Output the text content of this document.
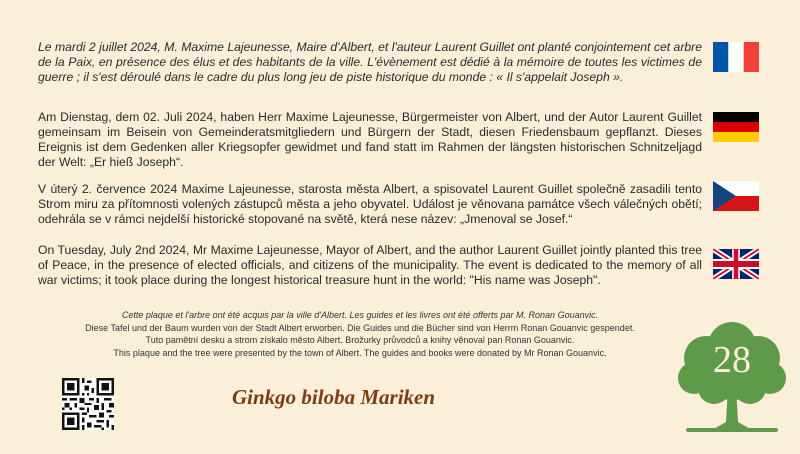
Le mardi 2 juillet 2024, M. Maxime Lajeunesse, Maire d'Albert, et l'auteur Laurent Guillet ont planté conjointement cet arbre de la Paix, en présence des élus et des habitants de la ville. L'évènement est dédié à la mémoire de toutes les victimes de guerre ; il s'est déroulé dans le cadre du plus long jeu de piste historique du monde : « Il s'appelait Joseph ».

Am Dienstag, dem 02. Juli 2024, haben Herr Maxime Lajeunesse, Bürgermeister von Albert, und der Autor Laurent Guillet gemeinsam im Beisein von Gemeinderatsmitgliedern und Bürgern der Stadt, diesen Friedensbaum gepflanzt. Dieses Ereignis ist dem Gedenken aller Kriegsopfer gewidmet und fand statt im Rahmen der längsten historischen Schnitzeljagd der Welt: „Er hieß Joseph“.

V úterý 2. července 2024 Maxime Lajeunesse, starosta města Albert, a spisovatel Laurent Guillet společně zasadili tento Strom miru za přítomnosti volených zástupců města a jeho obyvatel. Událost je věnovana památce všech válečných obětí; odehrála se v rámci nejdelší historické stopované na světě, která nese název: „Jmenoval se Josef.“

On Tuesday, July 2nd 2024, Mr Maxime Lajeunesse, Mayor of Albert, and the author Laurent Guillet jointly planted this tree of Peace, in the presence of elected officials, and citizens of the municipality. The event is dedicated to the memory of all war victims; it took place during the longest historical treasure hunt in the world: "His name was Joseph".

Cette plaque et l'arbre ont été acquis par la ville d'Albert. Les guides et les livres ont été offerts par M. Ronan Gouanvic.
Diese Tafel und der Baum wurden von der Stadt Albert erworben. Die Guides und die Bücher sind von Herrm Ronan Gouanvic gespendet.
Tuto pamětní desku a strom získalo město Albert. Brožurky průvodců a knihy věnoval pan Ronan Gouanvic.
This plaque and the tree were presented by the town of Albert. The guides and books were donated by Mr Ronan Gouanvic.
Ginkgo biloba Mariken
28
